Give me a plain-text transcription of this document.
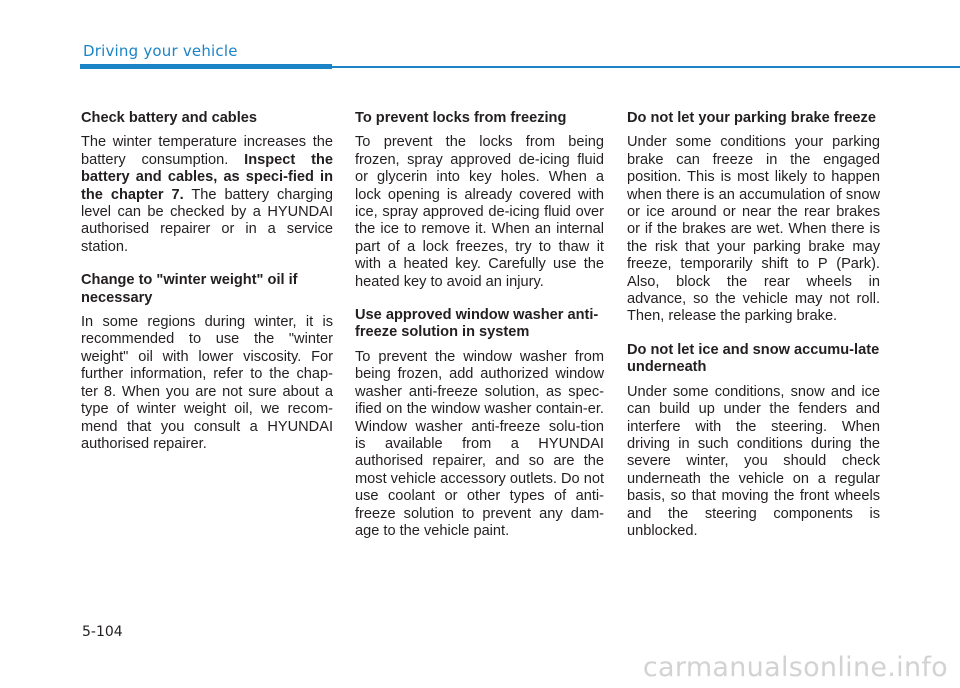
Driving your vehicle

Check battery and cables

The winter temperature increases the battery consumption. Inspect the battery and cables, as speci-fied in the chapter 7. The battery charging level can be checked by a HYUNDAI authorised repairer or in a service station.

Change to "winter weight" oil if necessary

In some regions during winter, it is recommended to use the "winter weight" oil with lower viscosity. For further information, refer to the chap-ter 8. When you are not sure about a type of winter weight oil, we recom-mend that you consult a HYUNDAI authorised repairer.

To prevent locks from freezing

To prevent the locks from being frozen, spray approved de-icing fluid or glycerin into key holes. When a lock opening is already covered with ice, spray approved de-icing fluid over the ice to remove it. When an internal part of a lock freezes, try to thaw it with a heated key. Carefully use the heated key to avoid an injury.

Use approved window washer anti-freeze solution in system

To prevent the window washer from being frozen, add authorized window washer anti-freeze solution, as spec-ified on the window washer contain-er. Window washer anti-freeze solu-tion is available from a HYUNDAI authorised repairer, and so are the most vehicle accessory outlets. Do not use coolant or other types of anti-freeze solution to prevent any dam-age to the vehicle paint.

Do not let your parking brake freeze

Under some conditions your parking brake can freeze in the engaged position. This is most likely to happen when there is an accumulation of snow or ice around or near the rear brakes or if the brakes are wet. When there is the risk that your parking brake may freeze, temporarily shift to P (Park). Also, block the rear wheels in advance, so the vehicle may not roll. Then, release the parking brake.

Do not let ice and snow accumu-late underneath

Under some conditions, snow and ice can build up under the fenders and interfere with the steering. When driving in such conditions during the severe winter, you should check underneath the vehicle on a regular basis, so that moving the front wheels and the steering components is unblocked.

5-104
carmanualsonline.info
